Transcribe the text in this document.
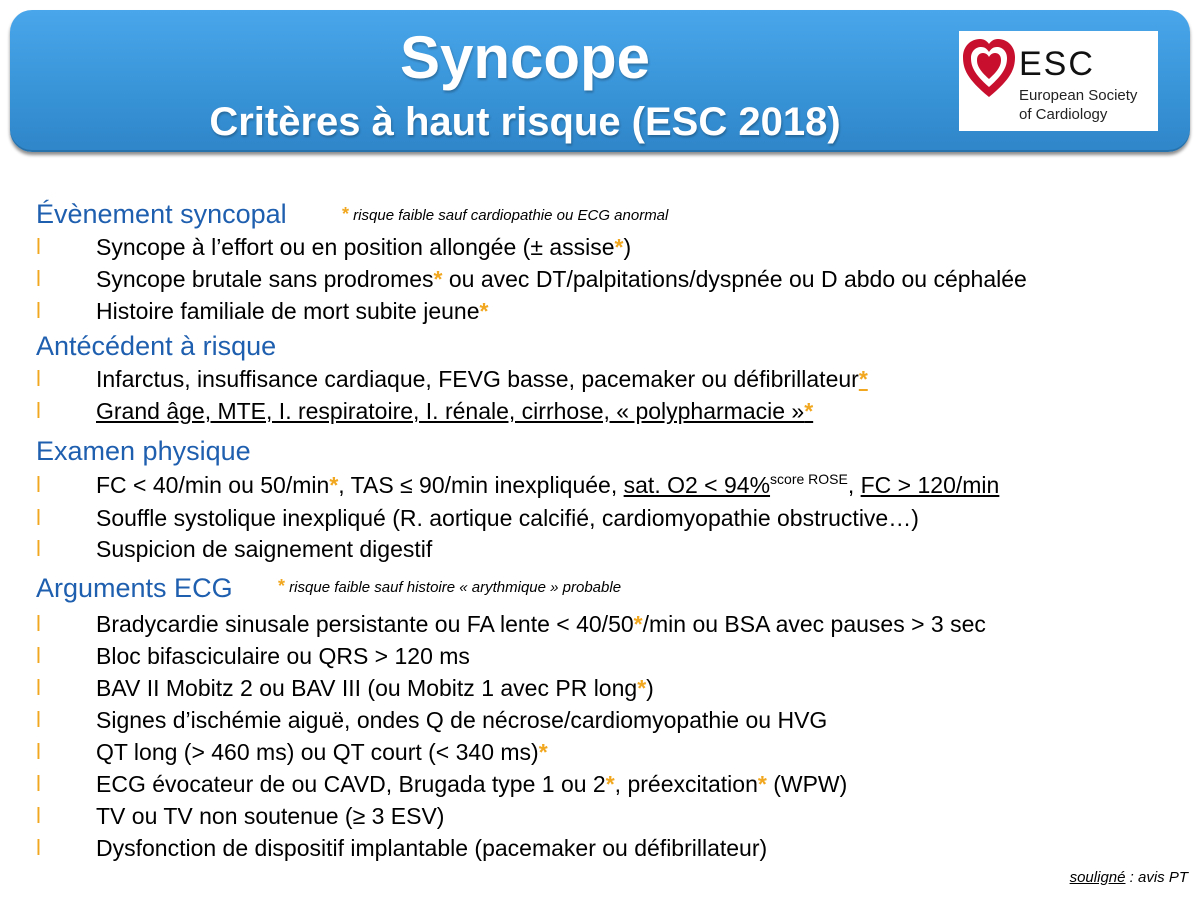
Syncope
Critères à haut risque (ESC 2018)
ESC
European Society
of Cardiology
Évènement syncopal	* risque faible sauf cardiopathie ou ECG anormal
l Syncope à l’effort ou en position allongée (± assise*)
l Syncope brutale sans prodromes* ou avec DT/palpitations/dyspnée ou D abdo ou céphalée
l Histoire familiale de mort subite jeune*
Antécédent à risque
l Infarctus, insuffisance cardiaque, FEVG basse, pacemaker ou défibrillateur*
l Grand âge, MTE, I. respiratoire, I. rénale, cirrhose, « polypharmacie »*
Examen physique
l FC < 40/min ou 50/min*, TAS ≤ 90/min inexpliquée, sat. O2 < 94%$^{score ROSE}$, FC > 120/min
l Souffle systolique inexpliqué (R. aortique calcifié, cardiomyopathie obstructive…)
l Suspicion de saignement digestif
Arguments ECG	* risque faible sauf histoire « arythmique » probable
l Bradycardie sinusale persistante ou FA lente < 40/50*/min ou BSA avec pauses > 3 sec
l Bloc bifasciculaire ou QRS > 120 ms
l BAV II Mobitz 2 ou BAV III (ou Mobitz 1 avec PR long*)
l Signes d’ischémie aiguë, ondes Q de nécrose/cardiomyopathie ou HVG
l QT long (> 460 ms) ou QT court (< 340 ms)*
l ECG évocateur de ou CAVD, Brugada type 1 ou 2*, préexcitation* (WPW)
l TV ou TV non soutenue (≥ 3 ESV)
l Dysfonction de dispositif implantable (pacemaker ou défibrillateur)
souligné : avis PT
